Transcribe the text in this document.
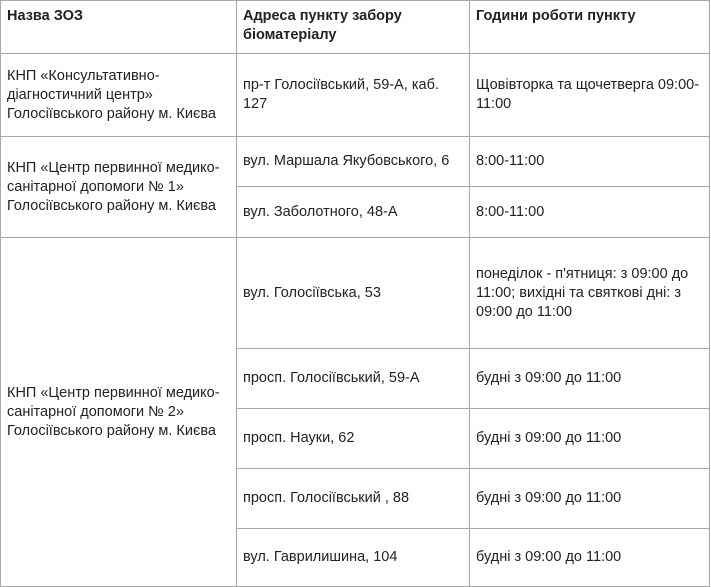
Назва ЗОЗ	Адреса пункту забору біоматеріалу	Години роботи пункту
КНП «Консультативно-діагностичний центр» Голосіївського району м. Києва	пр-т Голосіївський, 59-А, каб. 127	Щовівторка та щочетверга 09:00-11:00
КНП «Центр первинної медико-санітарної допомоги № 1» Голосіївського району м. Києва	вул. Маршала Якубовського, 6	8:00-11:00
	вул. Заболотного, 48-А	8:00-11:00
КНП «Центр первинної медико-санітарної допомоги № 2» Голосіївського району м. Києва	вул. Голосіївська, 53	понеділок - п'ятниця: з 09:00 до 11:00; вихідні та святкові дні: з 09:00 до 11:00
	просп. Голосіївський, 59-А	будні з 09:00 до 11:00
	просп. Науки, 62	будні з 09:00 до 11:00
	просп. Голосіївський , 88	будні з 09:00 до 11:00
	вул. Гаврилишина, 104	будні з 09:00 до 11:00
